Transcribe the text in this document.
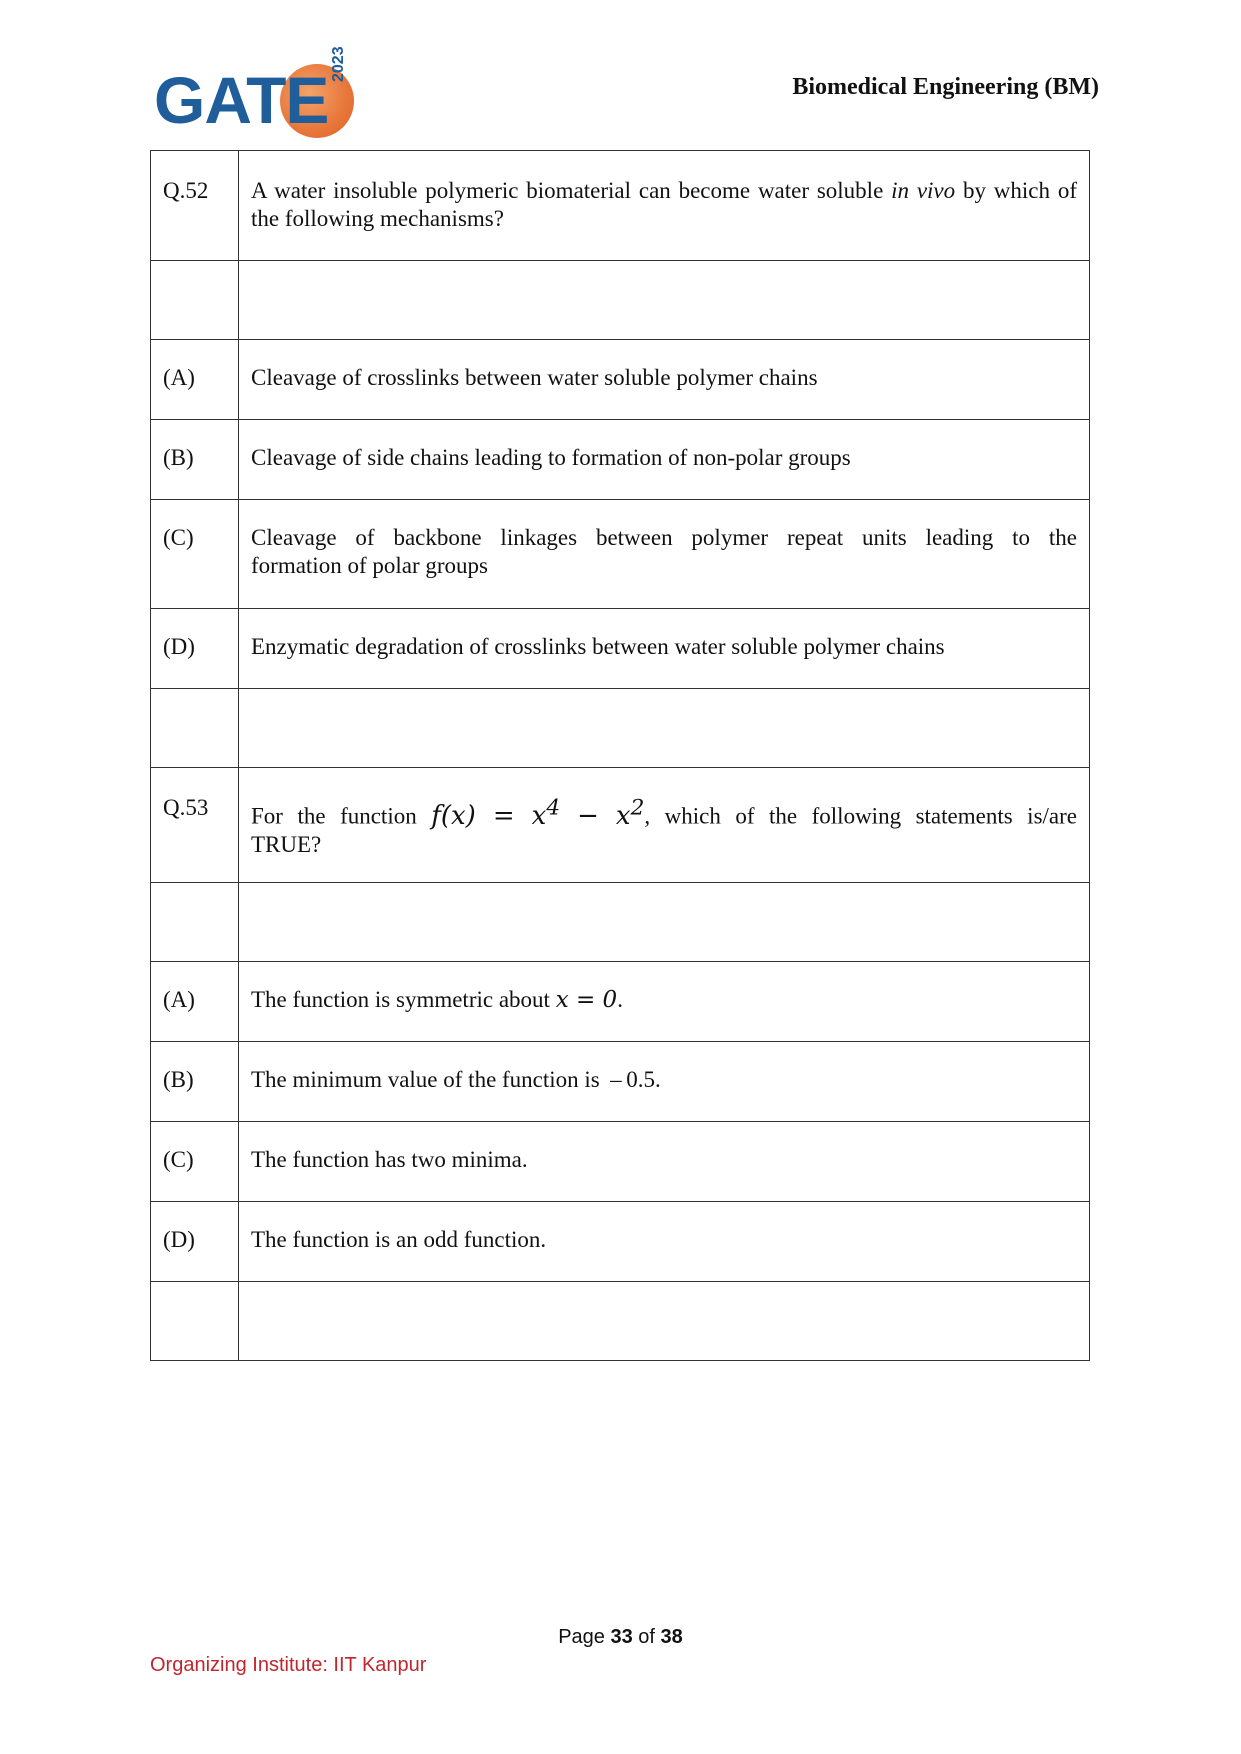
GATE 2023
Biomedical Engineering (BM)
Q.52	A water insoluble polymeric biomaterial can become water soluble in vivo by which of the following mechanisms?

(A)	Cleavage of crosslinks between water soluble polymer chains
(B)	Cleavage of side chains leading to formation of non-polar groups
(C)	Cleavage of backbone linkages between polymer repeat units leading to the
formation of polar groups

(D)	Enzymatic degradation of crosslinks between water soluble polymer chains

Q.53	For the function $f(x) = x^4 - x^2$, which of the following statements is/are
TRUE?

(A)	The function is symmetric about x = 0.
(B)	The minimum value of the function is  – 0.5.
(C)	The function has two minima.
(D)	The function is an odd function.

Page 33 of 38
Organizing Institute: IIT Kanpur
